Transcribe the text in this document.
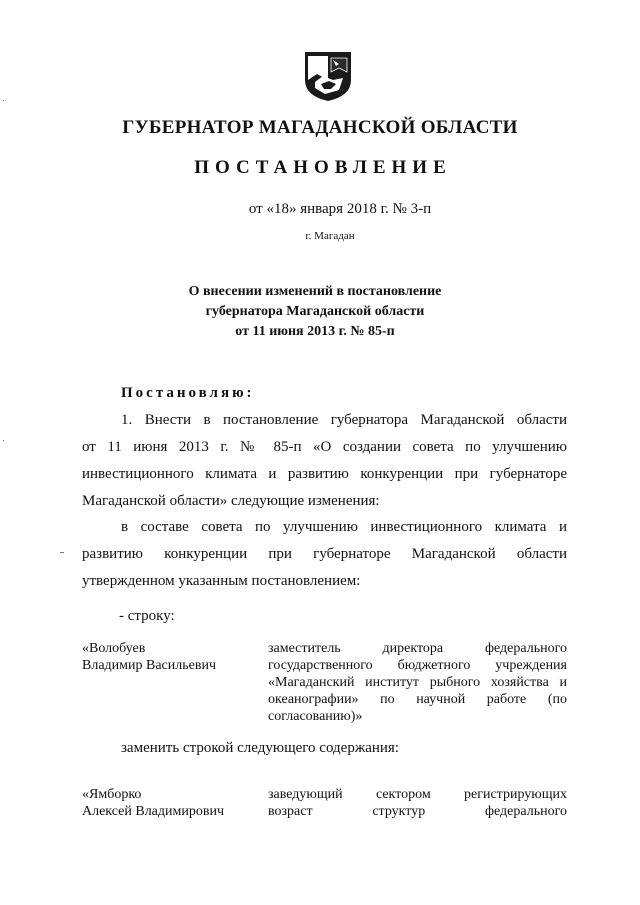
ГУБЕРНАТОР МАГАДАНСКОЙ ОБЛАСТИ
ПОСТАНОВЛЕНИЕ
от «18» января 2018 г. № 3-п
г. Магадан
О внесении изменений в постановление
губернатора Магаданской области
от 11 июня 2013 г. № 85-п
Постановляю:
1. Внести в постановление губернатора Магаданской области
от 11 июня 2013 г. № 85-п «О создании совета по улучшению
инвестиционного климата и развитию конкуренции при губернаторе
Магаданской области» следующие изменения:
в составе совета по улучшению инвестиционного климата и
развитию конкуренции при губернаторе Магаданской области
утвержденном указанным постановлением:
- строку:
«Волобуев
Владимир Васильевич
заместитель директора федерального
государственного бюджетного учреждения
«Магаданский институт рыбного хозяйства и
океанографии» по научной работе (по
согласованию)»
заменить строкой следующего содержания:
«Ямборко
Алексей Владимирович
заведующий сектором регистрирующих
возраст структур федерального
